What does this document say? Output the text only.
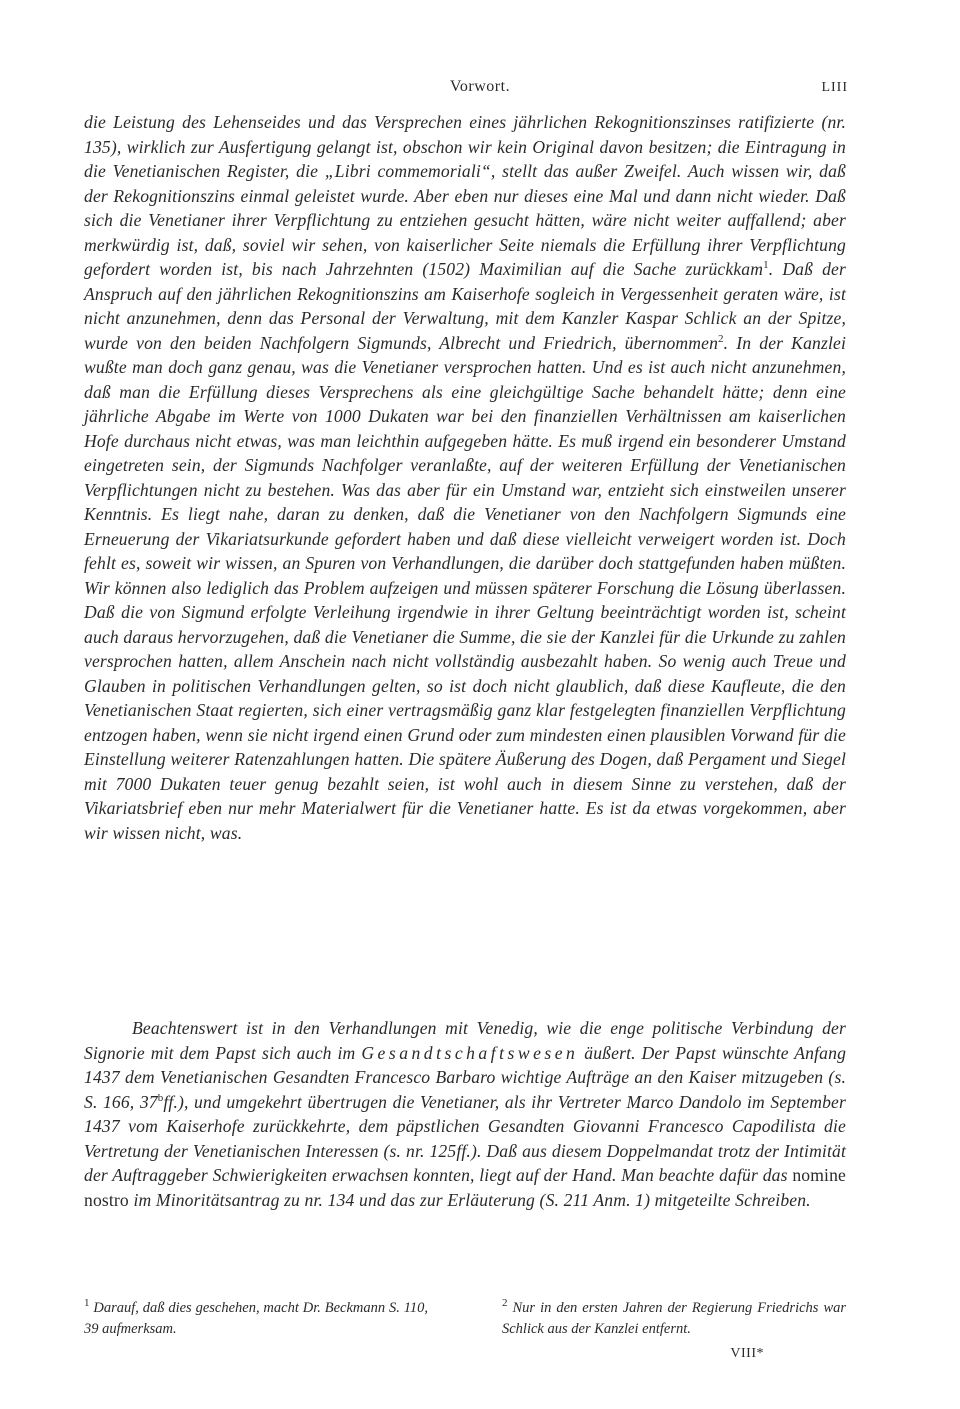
Vorwort.	LIII

die Leistung des Lehenseides und das Versprechen eines jährlichen Rekognitionszinses ratifizierte (nr. 135), wirklich zur Ausfertigung gelangt ist, obschon wir kein Original davon besitzen; die Eintragung in die Venetianischen Register, die „Libri commemoriali“, stellt das außer Zweifel. Auch wissen wir, daß der Rekognitionszins einmal geleistet wurde. Aber eben nur dieses eine Mal und dann nicht wieder. Daß sich die Venetianer ihrer Verpflichtung zu entziehen gesucht hätten, wäre nicht weiter auffallend; aber merkwürdig ist, daß, soviel wir sehen, von kaiserlicher Seite niemals die Erfüllung ihrer Verpflichtung gefordert worden ist, bis nach Jahrzehnten (1502) Maximilian auf die Sache zurückkam$^1$. Daß der Anspruch auf den jährlichen Rekognitionszins am Kaiserhofe sogleich in Vergessenheit geraten wäre, ist nicht anzunehmen, denn das Personal der Verwaltung, mit dem Kanzler Kaspar Schlick an der Spitze, wurde von den beiden Nachfolgern Sigmunds, Albrecht und Friedrich, übernommen$^2$. In der Kanzlei wußte man doch ganz genau, was die Venetianer versprochen hatten. Und es ist auch nicht anzunehmen, daß man die Erfüllung dieses Versprechens als eine gleichgültige Sache behandelt hätte; denn eine jährliche Abgabe im Werte von 1000 Dukaten war bei den finanziellen Verhältnissen am kaiserlichen Hofe durchaus nicht etwas, was man leichthin aufgegeben hätte. Es muß irgend ein besonderer Umstand eingetreten sein, der Sigmunds Nachfolger veranlaßte, auf der weiteren Erfüllung der Venetianischen Verpflichtungen nicht zu bestehen. Was das aber für ein Umstand war, entzieht sich einstweilen unserer Kenntnis. Es liegt nahe, daran zu denken, daß die Venetianer von den Nachfolgern Sigmunds eine Erneuerung der Vikariatsurkunde gefordert haben und daß diese vielleicht verweigert worden ist. Doch fehlt es, soweit wir wissen, an Spuren von Verhandlungen, die darüber doch stattgefunden haben müßten. Wir können also lediglich das Problem aufzeigen und müssen späterer Forschung die Lösung überlassen. Daß die von Sigmund erfolgte Verleihung irgendwie in ihrer Geltung beeinträchtigt worden ist, scheint auch daraus hervorzugehen, daß die Venetianer die Summe, die sie der Kanzlei für die Urkunde zu zahlen versprochen hatten, allem Anschein nach nicht vollständig ausbezahlt haben. So wenig auch Treue und Glauben in politischen Verhandlungen gelten, so ist doch nicht glaublich, daß diese Kaufleute, die den Venetianischen Staat regierten, sich einer vertragsmäßig ganz klar festgelegten finanziellen Verpflichtung entzogen haben, wenn sie nicht irgend einen Grund oder zum mindesten einen plausiblen Vorwand für die Einstellung weiterer Ratenzahlungen hatten. Die spätere Äußerung des Dogen, daß Pergament und Siegel mit 7000 Dukaten teuer genug bezahlt seien, ist wohl auch in diesem Sinne zu verstehen, daß der Vikariatsbrief eben nur mehr Materialwert für die Venetianer hatte. Es ist da etwas vorgekommen, aber wir wissen nicht, was.

Beachtenswert ist in den Verhandlungen mit Venedig, wie die enge politische Verbindung der Signorie mit dem Papst sich auch im Gesandtschaftswesen äußert. Der Papst wünschte Anfang 1437 dem Venetianischen Gesandten Francesco Barbaro wichtige Aufträge an den Kaiser mitzugeben (s. S. 166, 37$^b$ff.), und umgekehrt übertrugen die Venetianer, als ihr Vertreter Marco Dandolo im September 1437 vom Kaiserhofe zurückkehrte, dem päpstlichen Gesandten Giovanni Francesco Capodilista die Vertretung der Venetianischen Interessen (s. nr. 125ff.). Daß aus diesem Doppelmandat trotz der Intimität der Auftraggeber Schwierigkeiten erwachsen konnten, liegt auf der Hand. Man beachte dafür das nomine nostro im Minoritätsantrag zu nr. 134 und das zur Erläuterung (S. 211 Anm. 1) mitgeteilte Schreiben.

$^1$ Darauf, daß dies geschehen, macht Dr. Beckmann S. 110, 39 aufmerksam.

$^2$ Nur in den ersten Jahren der Regierung Friedrichs war Schlick aus der Kanzlei entfernt.

VIII*
